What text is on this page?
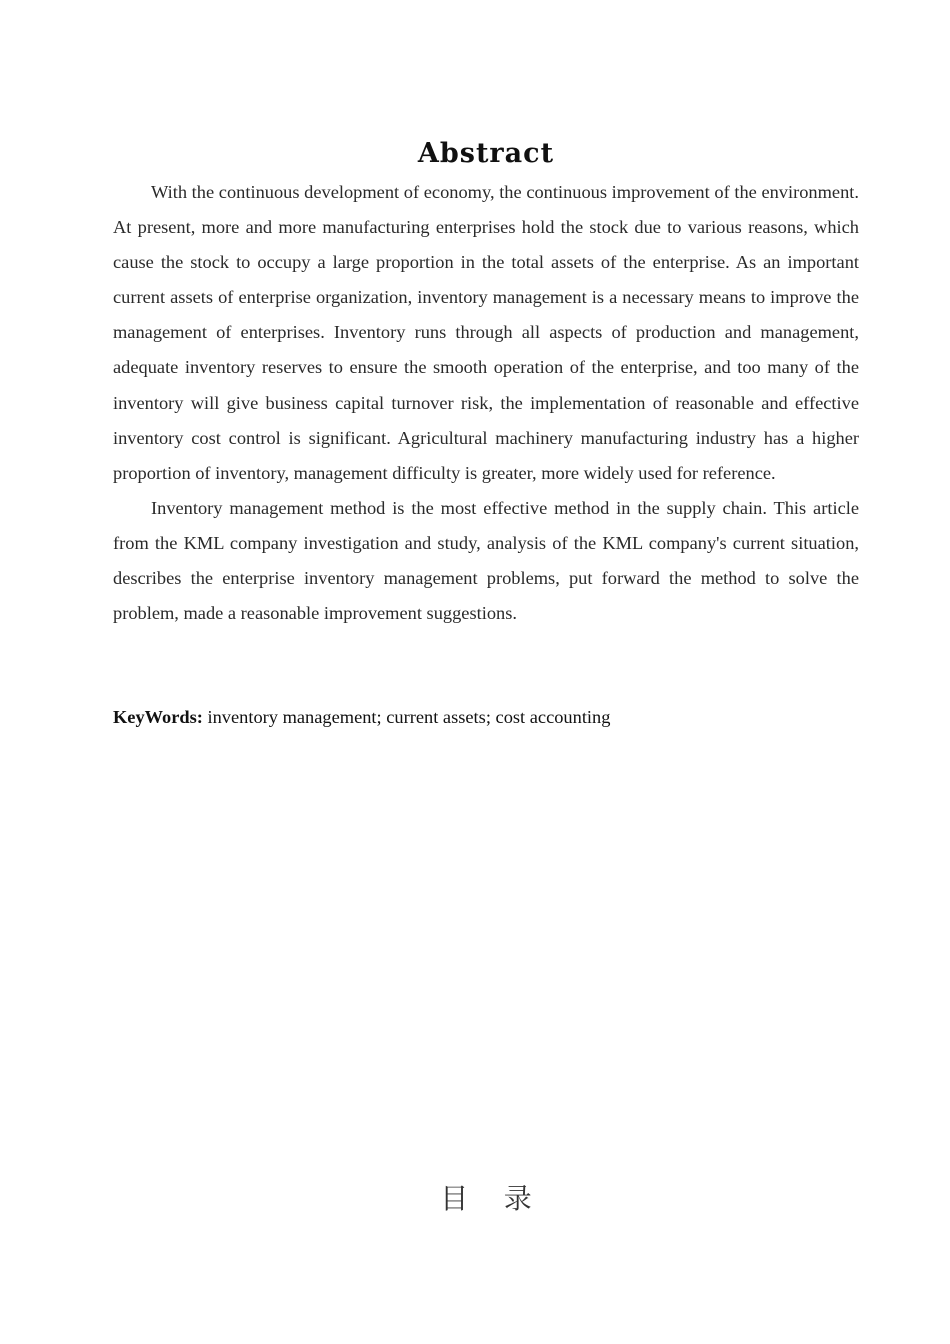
Abstract

With the continuous development of economy, the continuous improvement of the environment. At present, more and more manufacturing enterprises hold the stock due to various reasons, which cause the stock to occupy a large proportion in the total assets of the enterprise. As an important current assets of enterprise organization, inventory management is a necessary means to improve the management of enterprises. Inventory runs through all aspects of production and management, adequate inventory reserves to ensure the smooth operation of the enterprise, and too many of the inventory will give business capital turnover risk, the implementation of reasonable and effective inventory cost control is significant. Agricultural machinery manufacturing industry has a higher proportion of inventory, management difficulty is greater, more widely used for reference.

Inventory management method is the most effective method in the supply chain. This article from the KML company investigation and study, analysis of the KML company's current situation, describes the enterprise inventory management problems, put forward the method to solve the problem, made a reasonable improvement suggestions.

KeyWords: inventory management; current assets; cost accounting
目    录
